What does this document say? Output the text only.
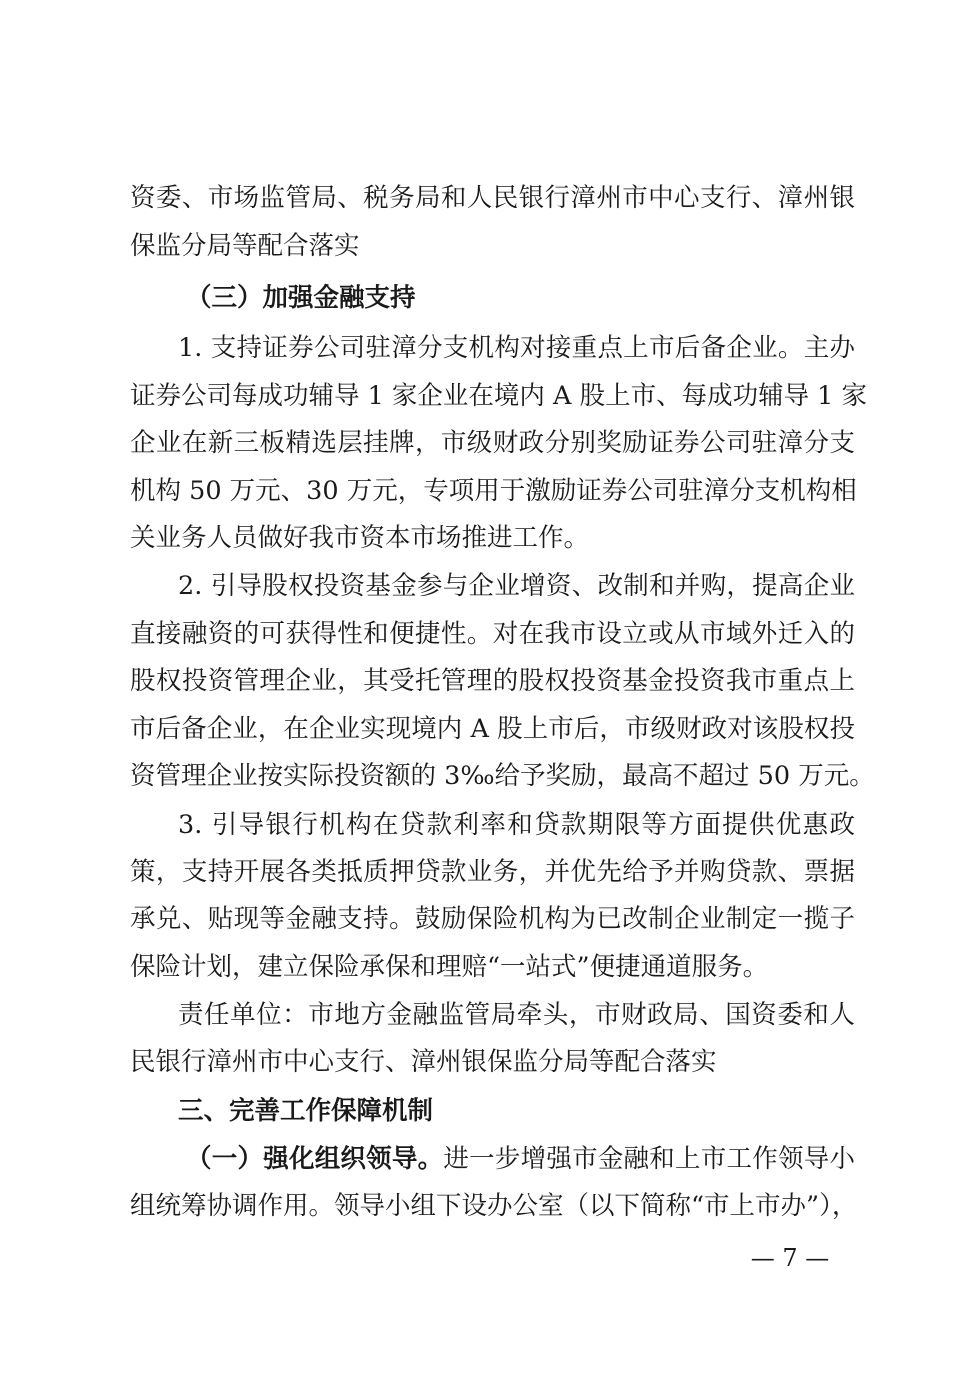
资委、市场监管局、税务局和人民银行漳州市中心支行、漳州银
保监分局等配合落实
（三）加强金融支持
1. 支持证券公司驻漳分支机构对接重点上市后备企业。主办
证券公司每成功辅导 1 家企业在境内 A 股上市、每成功辅导 1 家
企业在新三板精选层挂牌，市级财政分别奖励证券公司驻漳分支
机构 50 万元、30 万元，专项用于激励证券公司驻漳分支机构相
关业务人员做好我市资本市场推进工作。
2. 引导股权投资基金参与企业增资、改制和并购，提高企业
直接融资的可获得性和便捷性。对在我市设立或从市域外迁入的
股权投资管理企业，其受托管理的股权投资基金投资我市重点上
市后备企业，在企业实现境内 A 股上市后，市级财政对该股权投
资管理企业按实际投资额的 3‰给予奖励，最高不超过 50 万元。
3. 引导银行机构在贷款利率和贷款期限等方面提供优惠政
策，支持开展各类抵质押贷款业务，并优先给予并购贷款、票据
承兑、贴现等金融支持。鼓励保险机构为已改制企业制定一揽子
保险计划，建立保险承保和理赔“一站式”便捷通道服务。
责任单位：市地方金融监管局牵头，市财政局、国资委和人
民银行漳州市中心支行、漳州银保监分局等配合落实
三、完善工作保障机制
（一）强化组织领导。进一步增强市金融和上市工作领导小
组统筹协调作用。领导小组下设办公室（以下简称“市上市办”），
— 7 —
